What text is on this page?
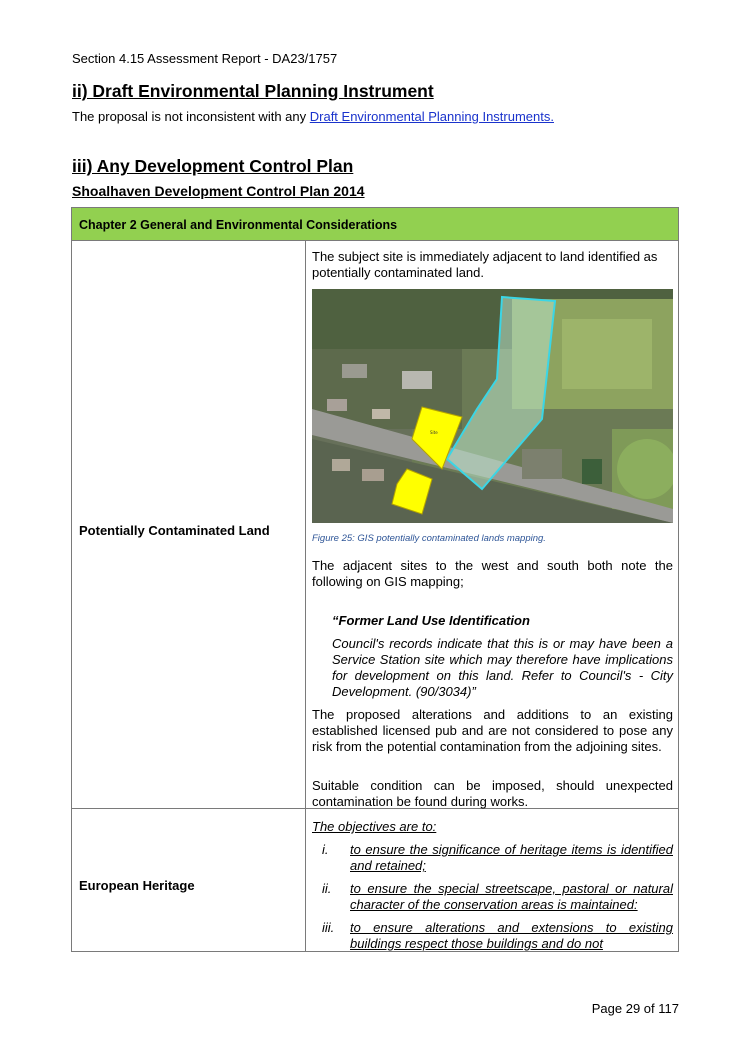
Section 4.15 Assessment Report - DA23/1757
ii) Draft Environmental Planning Instrument
The proposal is not inconsistent with any Draft Environmental Planning Instruments.
iii) Any Development Control Plan
Shoalhaven Development Control Plan 2014
Chapter 2 General and Environmental Considerations
Potentially Contaminated Land
The subject site is immediately adjacent to land identified as potentially contaminated land.
Site
Figure 25: GIS potentially contaminated lands mapping.
The adjacent sites to the west and south both note the following on GIS mapping;
“Former Land Use Identification
Council's records indicate that this is or may have been a Service Station site which may therefore have implications for development on this land. Refer to Council's - City Development. (90/3034)”
The proposed alterations and additions to an existing established licensed pub and are not considered to pose any risk from the potential contamination from the adjoining sites.
Suitable condition can be imposed, should unexpected contamination be found during works.
European Heritage
The objectives are to:
i. to ensure the significance of heritage items is identified and retained;
ii. to ensure the special streetscape, pastoral or natural character of the conservation areas is maintained:
iii. to ensure alterations and extensions to existing buildings respect those buildings and do not
Page 29 of 117
